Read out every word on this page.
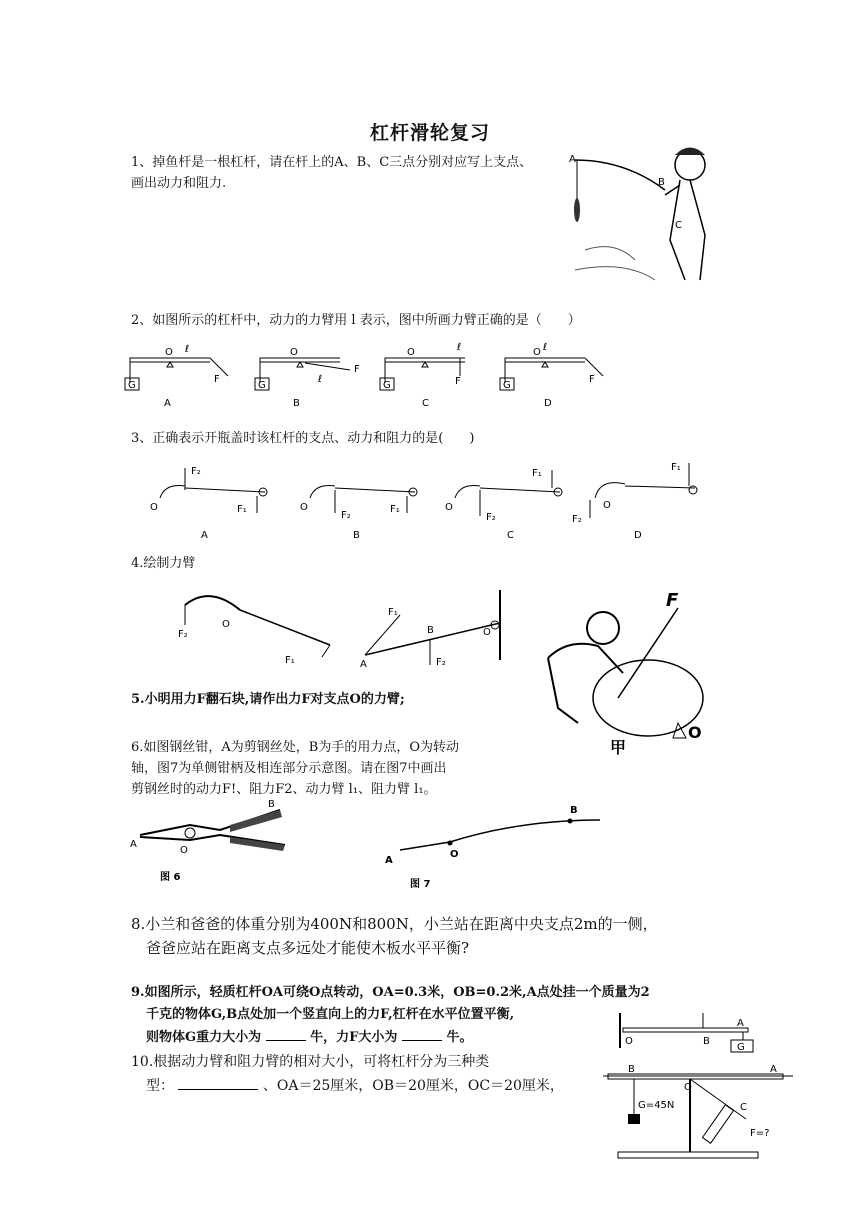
杠杆滑轮复习
1、掉鱼杆是一根杠杆，请在杆上的A、B、C三点分别对应写上支点、
画出动力和阻力.
A
B
C
2、如图所示的杠杆中，动力的力臂用 l 表示，图中所画力臂正确的是（　　）
O
G
F
ℓ	O
G
F
ℓ
O
G	F
ℓ	O
G
F
ℓ
A	B	C	D
3、正确表示开瓶盖时该杠杆的支点、动力和阻力的是(　　)
O
F₂
F₁	O
F₂
F₁	O
F₂
F₁
O
F₂
F₁
A	B	C	D
4.绘制力臂
O
F₂
F₁
F₁
B
A	F₂
O
5.小明用力F翻石块,请作出力F对支点O的力臂;
F
O
甲
6.如图钢丝钳，A为剪钢丝处，B为手的用力点，O为转动
轴，图7为单侧钳柄及相连部分示意图。请在图7中画出
剪钢丝时的动力F!、阻力F2、动力臂 l₁、阻力臂 l₁。
A
O
B
图 6
A
O
B
图 7
8.小兰和爸爸的体重分别为400N和800N，小兰站在距离中央支点2m的一侧，
爸爸应站在距离支点多远处才能使木板水平平衡?
9.如图所示，轻质杠杆OA可绕O点转动，OA=0.3米，OB=0.2米,A点处挂一个质量为2
千克的物体G,B点处加一个竖直向上的力F,杠杆在水平位置平衡,
则物体G重力大小为	牛，力F大小为	牛。	O	B
A
G
10.根据动力臂和阻力臂的相对大小，可将杠杆分为三种类
型：	、OA＝25厘米，OB＝20厘米，OC＝20厘米，
B
O
A
C
G=45N
F=?
